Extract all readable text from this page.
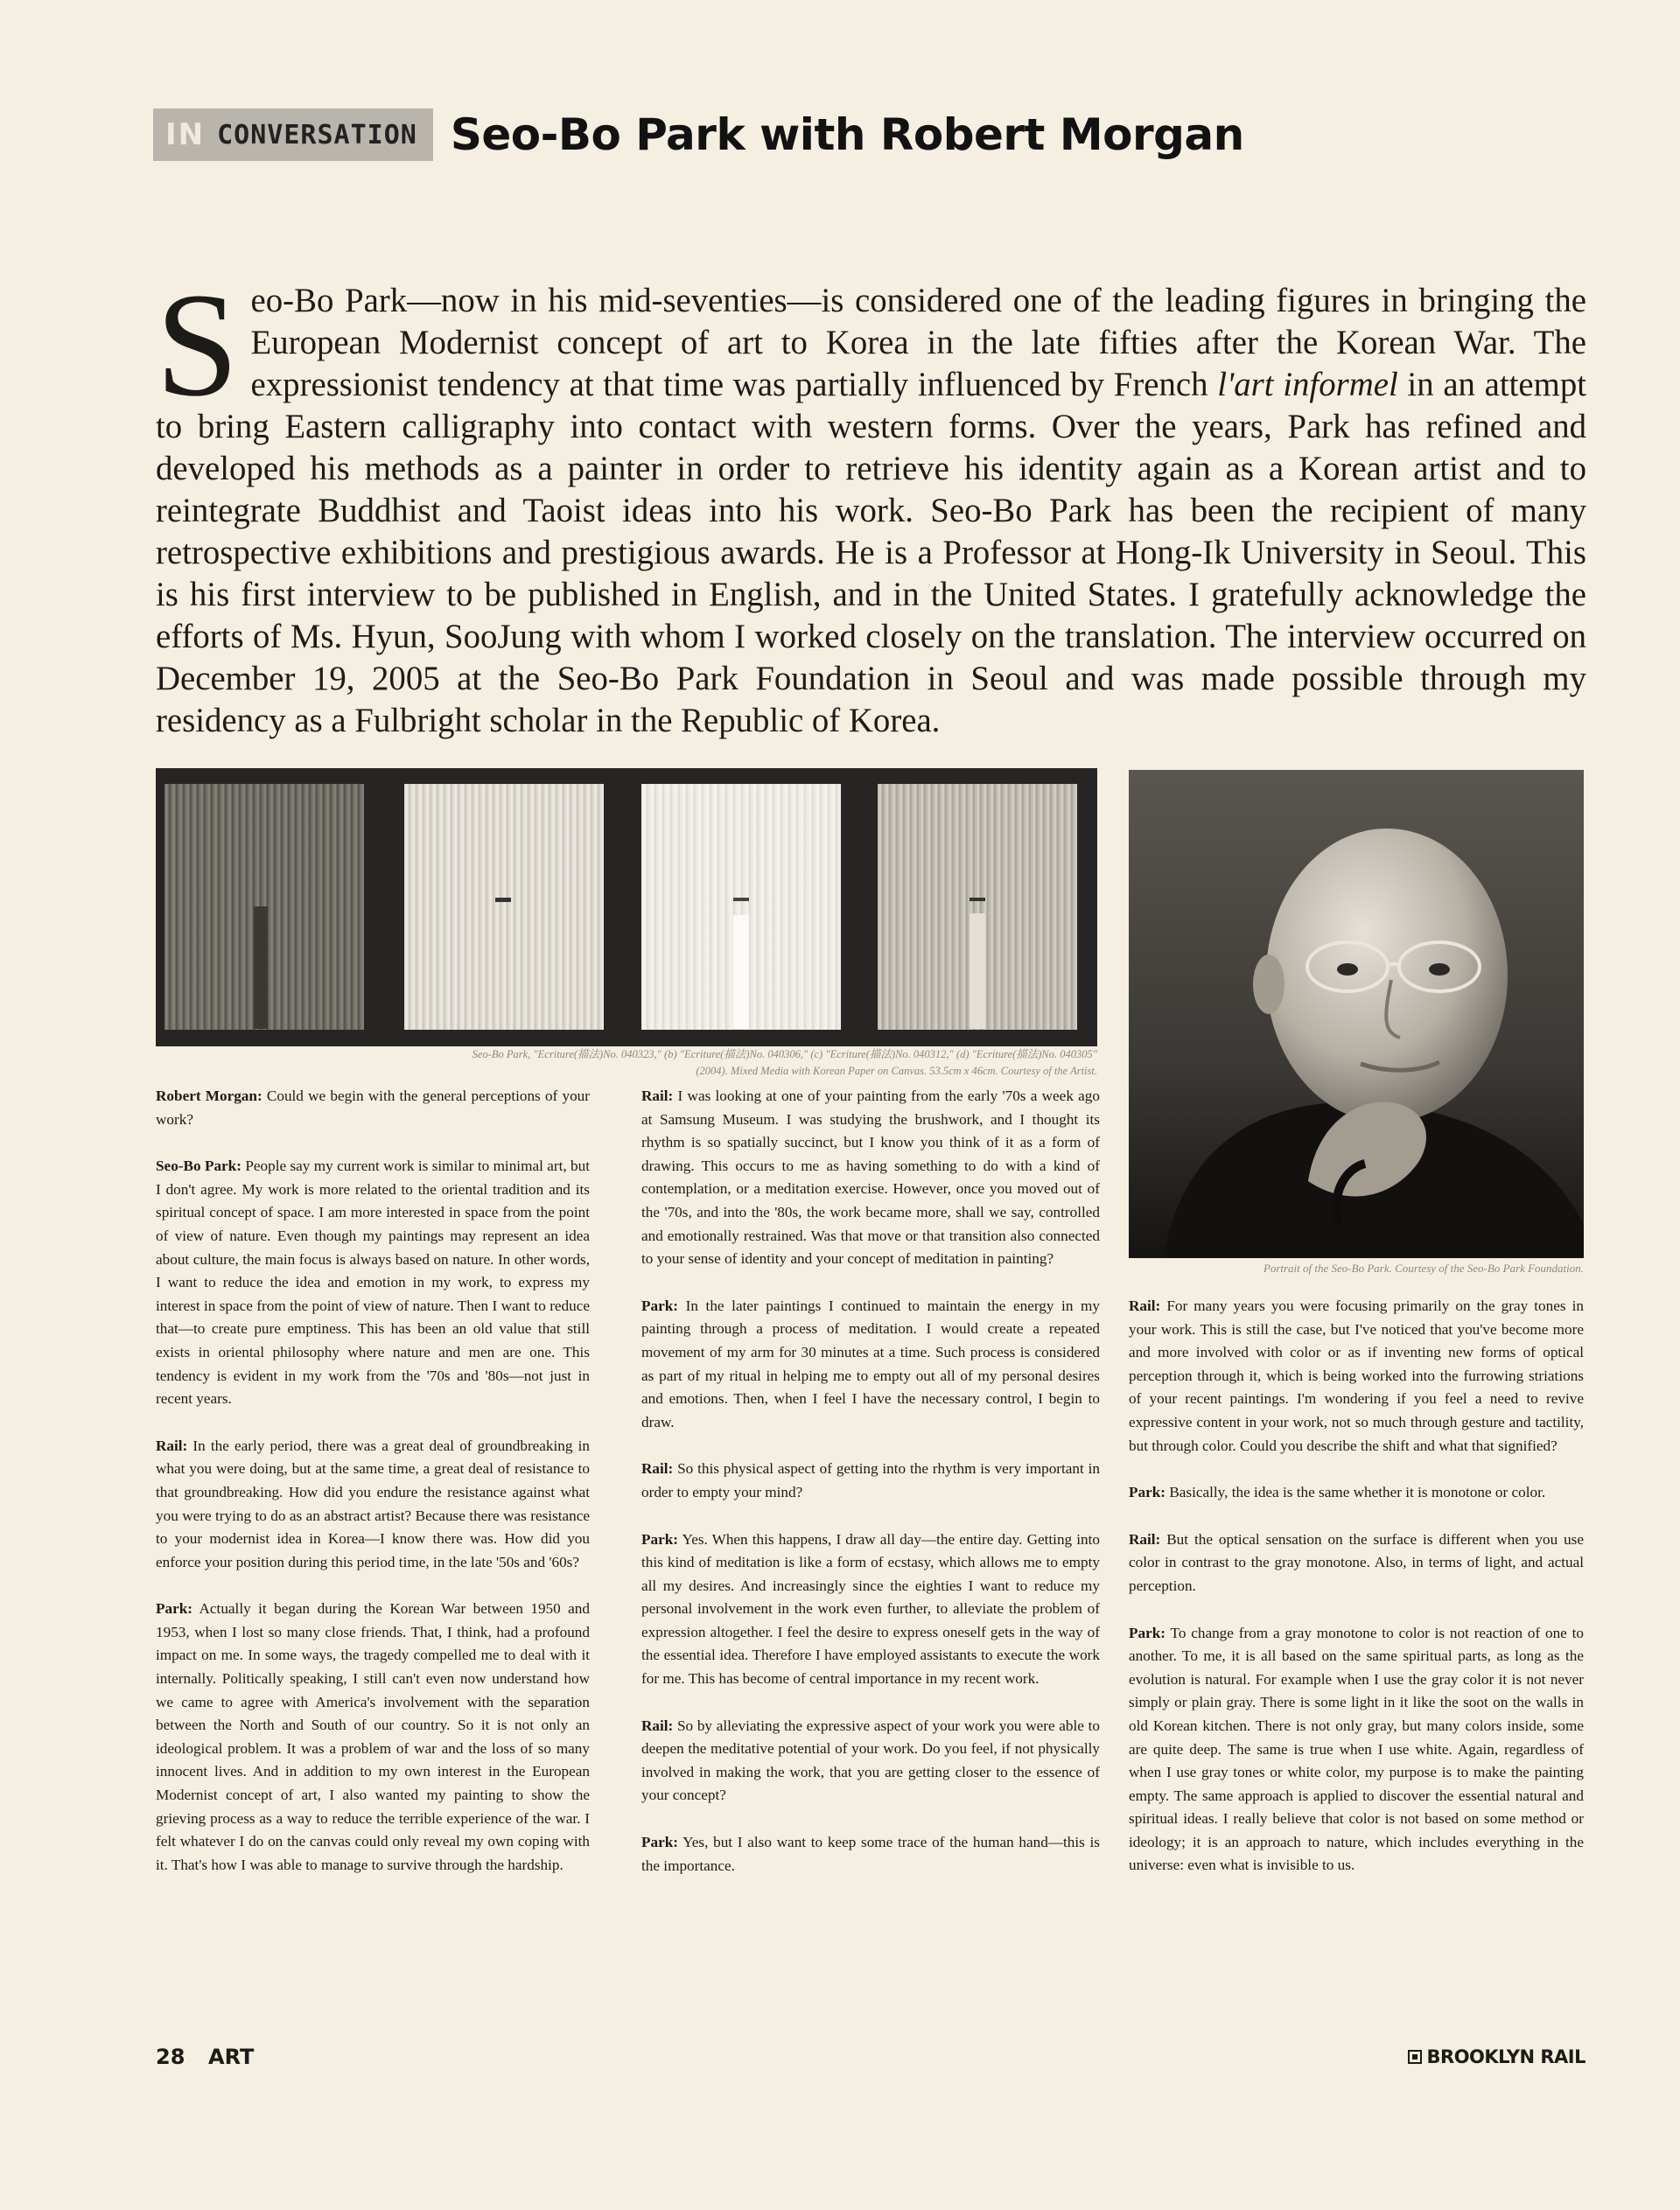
IN CONVERSATION Seo-Bo Park with Robert Morgan

Seo-Bo Park—now in his mid-seventies—is considered one of the leading figures in bringing the European Modernist concept of art to Korea in the late fifties after the Korean War. The expressionist tendency at that time was partially influenced by French l'art informel in an attempt to bring Eastern calligraphy into contact with western forms. Over the years, Park has refined and developed his methods as a painter in order to retrieve his identity again as a Korean artist and to reintegrate Buddhist and Taoist ideas into his work. Seo-Bo Park has been the recipient of many retrospective exhibitions and prestigious awards. He is a Professor at Hong-Ik University in Seoul. This is his first interview to be published in English, and in the United States. I gratefully acknowledge the efforts of Ms. Hyun, SooJung with whom I worked closely on the translation. The interview occurred on December 19, 2005 at the Seo-Bo Park Foundation in Seoul and was made possible through my residency as a Fulbright scholar in the Republic of Korea.

Seo-Bo Park, "Ecriture(描法)No. 040323," (b) "Ecriture(描法)No. 040306," (c) "Ecriture(描法)No. 040312," (d) "Ecriture(描法)No. 040305"
(2004). Mixed Media with Korean Paper on Canvas. 53.5cm x 46cm. Courtesy of the Artist.

Portrait of the Seo-Bo Park. Courtesy of the Seo-Bo Park Foundation.

Robert Morgan: Could we begin with the general perceptions of your work?

Seo-Bo Park: People say my current work is similar to minimal art, but I don't agree. My work is more related to the oriental tradition and its spiritual concept of space. I am more interested in space from the point of view of nature. Even though my paintings may represent an idea about culture, the main focus is always based on nature. In other words, I want to reduce the idea and emotion in my work, to express my interest in space from the point of view of nature. Then I want to reduce that—to create pure emptiness. This has been an old value that still exists in oriental philosophy where nature and men are one. This tendency is evident in my work from the '70s and '80s—not just in recent years.

Rail: In the early period, there was a great deal of groundbreaking in what you were doing, but at the same time, a great deal of resistance to that groundbreaking. How did you endure the resistance against what you were trying to do as an abstract artist? Because there was resistance to your modernist idea in Korea—I know there was. How did you enforce your position during this period time, in the late '50s and '60s?

Park: Actually it began during the Korean War between 1950 and 1953, when I lost so many close friends. That, I think, had a profound impact on me. In some ways, the tragedy compelled me to deal with it internally. Politically speaking, I still can't even now understand how we came to agree with America's involvement with the separation between the North and South of our country. So it is not only an ideological problem. It was a problem of war and the loss of so many innocent lives. And in addition to my own interest in the European Modernist concept of art, I also wanted my painting to show the grieving process as a way to reduce the terrible experience of the war. I felt whatever I do on the canvas could only reveal my own coping with it. That's how I was able to manage to survive through the hardship.

Rail: I was looking at one of your painting from the early '70s a week ago at Samsung Museum. I was studying the brushwork, and I thought its rhythm is so spatially succinct, but I know you think of it as a form of drawing. This occurs to me as having something to do with a kind of contemplation, or a meditation exercise. However, once you moved out of the '70s, and into the '80s, the work became more, shall we say, controlled and emotionally restrained. Was that move or that transition also connected to your sense of identity and your concept of meditation in painting?

Park: In the later paintings I continued to maintain the energy in my painting through a process of meditation. I would create a repeated movement of my arm for 30 minutes at a time. Such process is considered as part of my ritual in helping me to empty out all of my personal desires and emotions. Then, when I feel I have the necessary control, I begin to draw.

Rail: So this physical aspect of getting into the rhythm is very important in order to empty your mind?

Park: Yes. When this happens, I draw all day—the entire day. Getting into this kind of meditation is like a form of ecstasy, which allows me to empty all my desires. And increasingly since the eighties I want to reduce my personal involvement in the work even further, to alleviate the problem of expression altogether. I feel the desire to express oneself gets in the way of the essential idea. Therefore I have employed assistants to execute the work for me. This has become of central importance in my recent work.

Rail: So by alleviating the expressive aspect of your work you were able to deepen the meditative potential of your work. Do you feel, if not physically involved in making the work, that you are getting closer to the essence of your concept?

Park: Yes, but I also want to keep some trace of the human hand—this is the importance.

Rail: For many years you were focusing primarily on the gray tones in your work. This is still the case, but I've noticed that you've become more and more involved with color or as if inventing new forms of optical perception through it, which is being worked into the furrowing striations of your recent paintings. I'm wondering if you feel a need to revive expressive content in your work, not so much through gesture and tactility, but through color. Could you describe the shift and what that signified?

Park: Basically, the idea is the same whether it is monotone or color.

Rail: But the optical sensation on the surface is different when you use color in contrast to the gray monotone. Also, in terms of light, and actual perception.

Park: To change from a gray monotone to color is not reaction of one to another. To me, it is all based on the same spiritual parts, as long as the evolution is natural. For example when I use the gray color it is not never simply or plain gray. There is some light in it like the soot on the walls in old Korean kitchen. There is not only gray, but many colors inside, some are quite deep. The same is true when I use white. Again, regardless of when I use gray tones or white color, my purpose is to make the painting empty. The same approach is applied to discover the essential natural and spiritual ideas. I really believe that color is not based on some method or ideology; it is an approach to nature, which includes everything in the universe: even what is invisible to us.

28 ART	BROOKLYN RAIL
